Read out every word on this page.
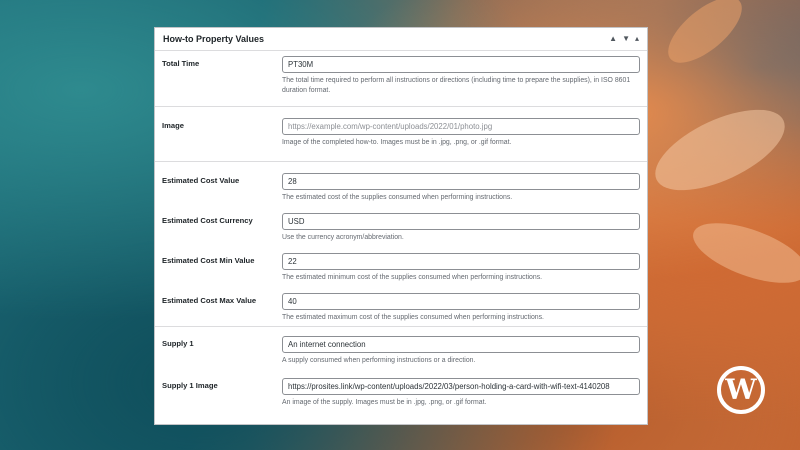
How-to Property Values	▲ ▼ ▴
Total Time	PT30M
The total time required to perform all instructions or directions (including time to prepare the supplies), in ISO 8601 duration format.
Image	https://example.com/wp-content/uploads/2022/01/photo.jpg
Image of the completed how-to. Images must be in .jpg, .png, or .gif format.
Estimated Cost Value	28
The estimated cost of the supplies consumed when performing instructions.
Estimated Cost Currency	USD
Use the currency acronym/abbreviation.
Estimated Cost Min Value	22
The estimated minimum cost of the supplies consumed when performing instructions.
Estimated Cost Max Value	40
The estimated maximum cost of the supplies consumed when performing instructions.
Supply 1	An internet connection
A supply consumed when performing instructions or a direction.
Supply 1 Image	https://prosites.link/wp-content/uploads/2022/03/person-holding-a-card-with-wifi-text-4140208
An image of the supply. Images must be in .jpg, .png, or .gif format.	W
